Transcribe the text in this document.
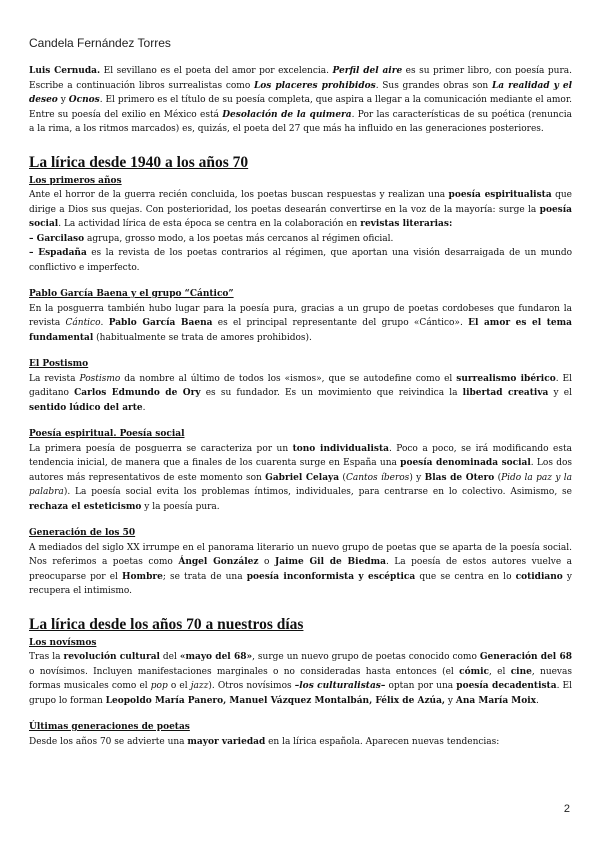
Candela Fernández Torres

Luis Cernuda. El sevillano es el poeta del amor por excelencia. Perfil del aire es su primer libro, con poesía pura. Escribe a continuación libros surrealistas como Los placeres prohibidos. Sus grandes obras son La realidad y el deseo y Ocnos. El primero es el título de su poesía completa, que aspira a llegar a la comunicación mediante el amor. Entre su poesía del exilio en México está Desolación de la quimera. Por las características de su poética (renuncia a la rima, a los ritmos marcados) es, quizás, el poeta del 27 que más ha influido en las generaciones posteriores.

La lírica desde 1940 a los años 70

Los primeros años

Ante el horror de la guerra recién concluida, los poetas buscan respuestas y realizan una poesía espiritualista que dirige a Dios sus quejas. Con posterioridad, los poetas desearán convertirse en la voz de la mayoría: surge la poesía social. La actividad lírica de esta época se centra en la colaboración en revistas literarias:

– Garcilaso agrupa, grosso modo, a los poetas más cercanos al régimen oficial.

– Espadaña es la revista de los poetas contrarios al régimen, que aportan una visión desarraigada de un mundo conflictivo e imperfecto.

Pablo García Baena y el grupo “Cántico”

En la posguerra también hubo lugar para la poesía pura, gracias a un grupo de poetas cordobeses que fundaron la revista Cántico. Pablo García Baena es el principal representante del grupo «Cántico». El amor es el tema fundamental (habitualmente se trata de amores prohibidos).

El Postismo

La revista Postismo da nombre al último de todos los «ismos», que se autodefine como el surrealismo ibérico. El gaditano Carlos Edmundo de Ory es su fundador. Es un movimiento que reivindica la libertad creativa y el sentido lúdico del arte.

Poesía espiritual. Poesía social

La primera poesía de posguerra se caracteriza por un tono individualista. Poco a poco, se irá modificando esta tendencia inicial, de manera que a finales de los cuarenta surge en España una poesía denominada social. Los dos autores más representativos de este momento son Gabriel Celaya (Cantos íberos) y Blas de Otero (Pido la paz y la palabra). La poesía social evita los problemas íntimos, individuales, para centrarse en lo colectivo. Asimismo, se rechaza el esteticismo y la poesía pura.

Generación de los 50

A mediados del siglo XX irrumpe en el panorama literario un nuevo grupo de poetas que se aparta de la poesía social. Nos referimos a poetas como Ángel González o Jaime Gil de Biedma. La poesía de estos autores vuelve a preocuparse por el Hombre; se trata de una poesía inconformista y escéptica que se centra en lo cotidiano y recupera el intimismo.

La lírica desde los años 70 a nuestros días

Los novísmos

Tras la revolución cultural del «mayo del 68», surge un nuevo grupo de poetas conocido como Generación del 68 o novísimos. Incluyen manifestaciones marginales o no consideradas hasta entonces (el cómic, el cine, nuevas formas musicales como el pop o el jazz). Otros novísimos –los culturalistas– optan por una poesía decadentista. El grupo lo forman Leopoldo María Panero, Manuel Vázquez Montalbán, Félix de Azúa, y Ana María Moix.

Últimas generaciones de poetas

Desde los años 70 se advierte una mayor variedad en la lírica española. Aparecen nuevas tendencias:

2
